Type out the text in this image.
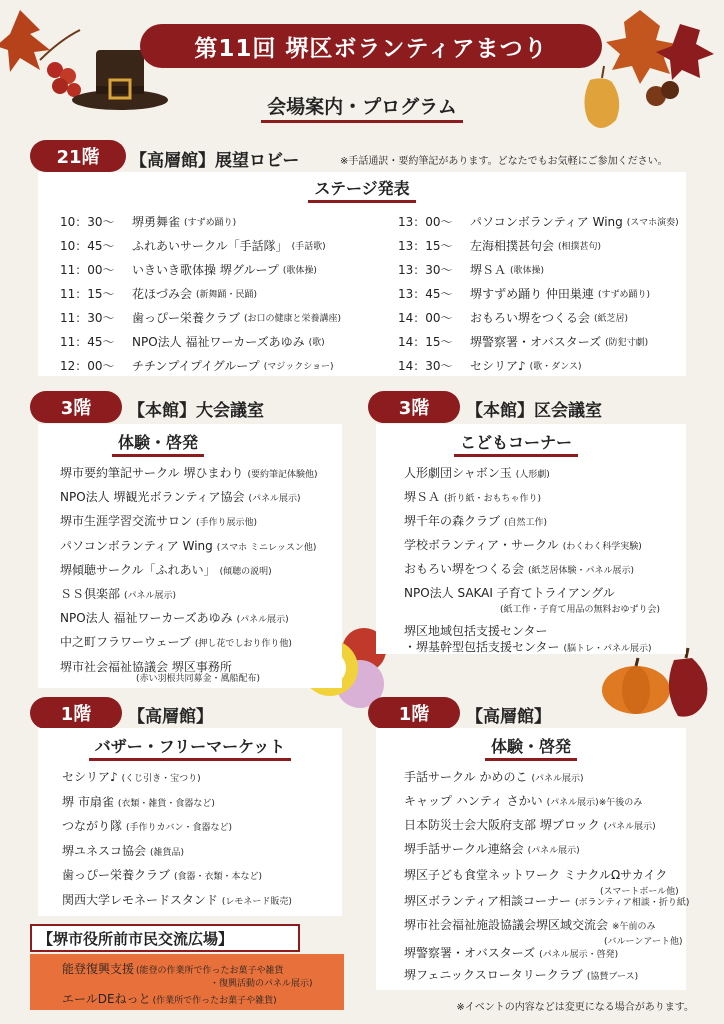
第11回 堺区ボランティアまつり
会場案内・プログラム
21階	【高層館】展望ロビー	※手話通訳・要約筆記があります。どなたでもお気軽にご参加ください。
ステージ発表
10：30～	堺勇舞雀 (すずめ踊り)
10：45～	ふれあいサークル「手話隊」 (手話歌)
11：00～	いきいき歌体操 堺グループ (歌体操)
11：15～	花ほづみ会 (新舞踊・民踊)
11：30～	歯っぴー栄養クラブ (お口の健康と栄養講座)
11：45～	NPO法人 福祉ワーカーズあゆみ (歌)
12：00～	チチンプイプイグループ (マジックショー)
13：00～	パソコンボランティア Wing (スマホ演奏)
13：15～	左海相撲甚句会 (相撲甚句)
13：30～	堺ＳＡ (歌体操)
13：45～	堺すずめ踊り 仲田巣連 (すずめ踊り)
14：00～	おもろい堺をつくる会 (紙芝居)
14：15～	堺警察署・オバスターズ (防犯寸劇)
14：30～	セシリア♪ (歌・ダンス)
3階	【本館】大会議室
体験・啓発
堺市要約筆記サークル 堺ひまわり (要約筆記体験他)
NPO法人 堺観光ボランティア協会 (パネル展示)
堺市生涯学習交流サロン (手作り展示他)
パソコンボランティア Wing (スマホ ミニレッスン他)
堺傾聴サークル「ふれあい」 (傾聴の説明)
ＳＳ倶楽部 (パネル展示)
NPO法人 福祉ワーカーズあゆみ (パネル展示)
中之町フラワーウェーブ (押し花でしおり作り他)
堺市社会福祉協議会 堺区事務所
(赤い羽根共同募金・風船配布)
3階	【本館】区会議室
こどもコーナー
人形劇団シャボン玉 (人形劇)
堺ＳＡ (折り紙・おもちゃ作り)
堺千年の森クラブ (自然工作)
学校ボランティア・サークル (わくわく科学実験)
おもろい堺をつくる会 (紙芝居体験・パネル展示)
NPO法人 SAKAI 子育てトライアングル
堺区地域包括支援センター
・堺基幹型包括支援センター (脳トレ・パネル展示)
(紙工作・子育て用品の無料おゆずり会)
1階	【高層館】
バザー・フリーマーケット
セシリア♪ (くじ引き・宝つり)
堺 市扇雀 (衣類・雑貨・食器など)
つながり隊 (手作りカバン・食器など)
堺ユネスコ協会 (雑貨品)
歯っぴー栄養クラブ (食器・衣類・本など)
関西大学レモネードスタンド (レモネード販売)
1階	【高層館】
体験・啓発
手話サークル かめのこ (パネル展示)
キャップ ハンティ さかい (パネル展示)※午後のみ
日本防災士会大阪府支部 堺ブロック (パネル展示)
堺手話サークル連絡会 (パネル展示)
堺区子ども食堂ネットワーク ミナクルΩサカイク
堺区ボランティア相談コーナー (ボランティア相談・折り紙)
堺市社会福祉施設協議会堺区域交流会 ※午前のみ
堺警察署・オバスターズ (パネル展示・啓発)
堺フェニックスロータリークラブ (協賛ブース)
(スマートボール他)
(バルーンアート他)
【堺市役所前市民交流広場】
能登復興支援 (能登の作業所で作ったお菓子や雑貨
・復興活動のパネル展示)
エールDEねっと (作業所で作ったお菓子や雑貨)
※イベントの内容などは変更になる場合があります。
